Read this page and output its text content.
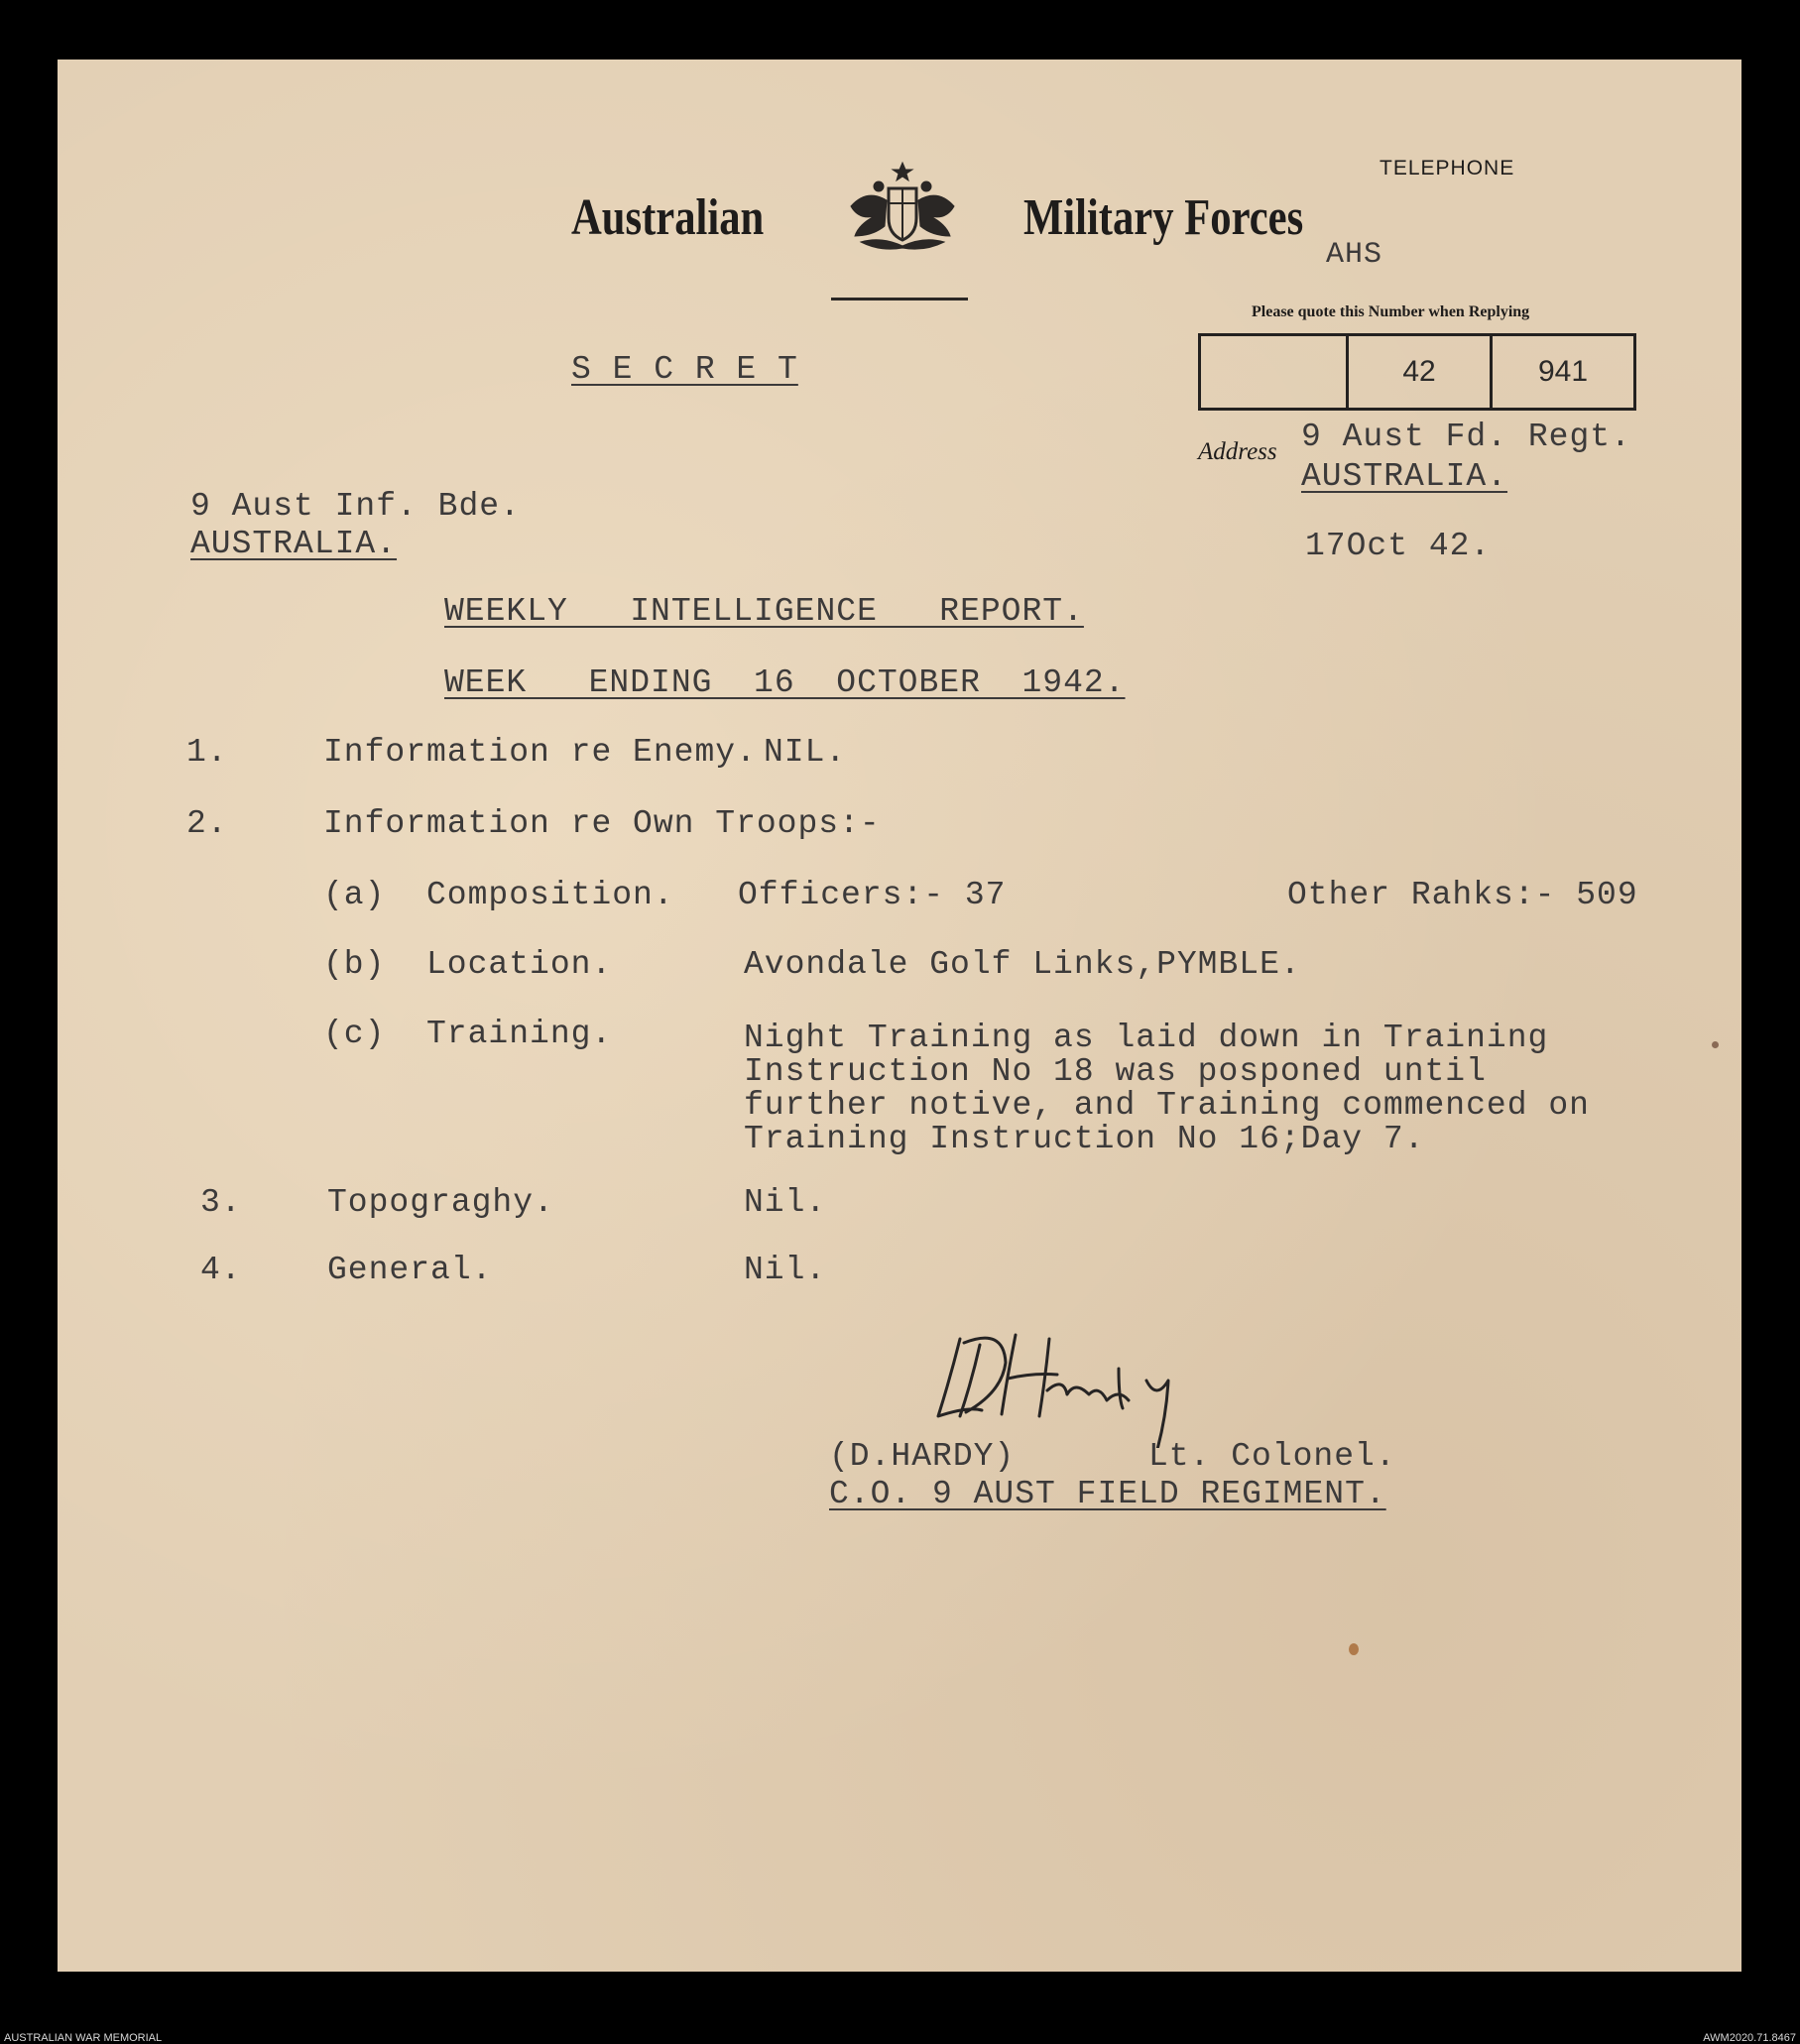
TELEPHONE
Australian	Military Forces
AHS
Please quote this Number when Replying
42	941
S E C R E T
Address 9 Aust Fd. Regt.
AUSTRALIA.
17Oct 42.
9 Aust Inf. Bde.
AUSTRALIA.
WEEKLY   INTELLIGENCE   REPORT.
WEEK   ENDING  16  OCTOBER  1942.
1.	Information re Enemy. NIL.
2.	Information re Own Troops:-
(a) Composition. Officers:- 37	Other Rahks:- 509
(b) Location.	Avondale Golf Links,PYMBLE.
(c) Training.	Night Training as laid down in Training
Instruction No 18 was posponed until
further notive, and Training commenced on
Training Instruction No 16;Day 7.
3.	Topograghy.	Nil.
4.	General.	Nil.
(D.HARDY)	Lt. Colonel.
C.O. 9 AUST FIELD REGIMENT.
AUSTRALIAN WAR MEMORIAL	AWM2020.71.8467
